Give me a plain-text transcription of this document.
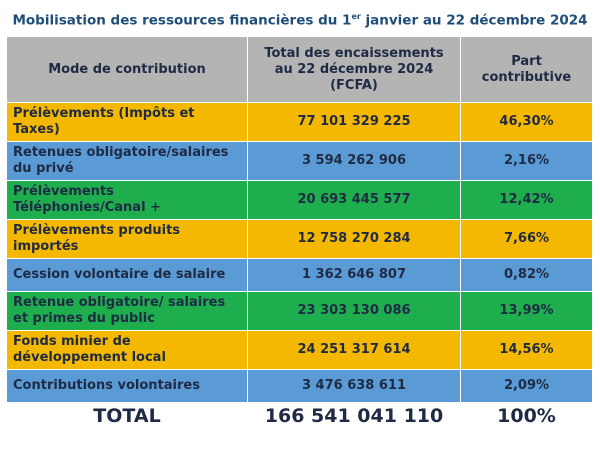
Mobilisation des ressources financières du 1er janvier au 22 décembre 2024
Mode de contribution	Total des encaissements au 22 décembre 2024 (FCFA)	Part contributive
Prélèvements (Impôts et Taxes)	77 101 329 225	46,30%
Retenues obligatoire/salaires du privé	3 594 262 906	2,16%
Prélèvements Téléphonies/Canal +	20 693 445 577	12,42%
Prélèvements produits importés	12 758 270 284	7,66%
Cession volontaire de salaire	1 362 646 807	0,82%
Retenue obligatoire/ salaires et primes du public	23 303 130 086	13,99%
Fonds minier de développement local	24 251 317 614	14,56%
Contributions volontaires	3 476 638 611	2,09%
TOTAL	166 541 041 110	100%
